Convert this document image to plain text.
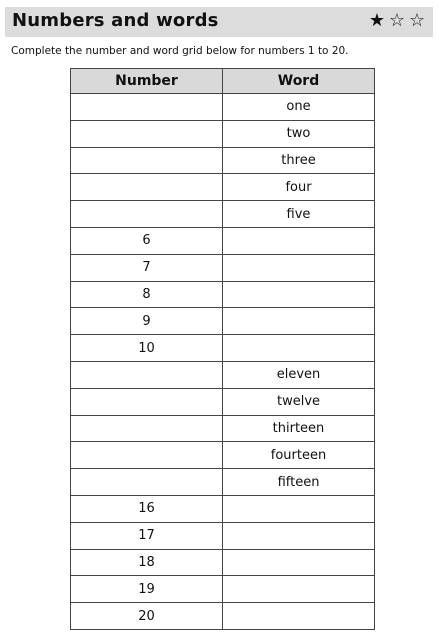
Numbers and words	★ ☆ ☆
Complete the number and word grid below for numbers 1 to 20.
Number	Word
	one
	two
	three
	four
	five
6	
7	
8	
9	
10	
	eleven
	twelve
	thirteen
	fourteen
	fifteen
16	
17	
18	
19	
20	
